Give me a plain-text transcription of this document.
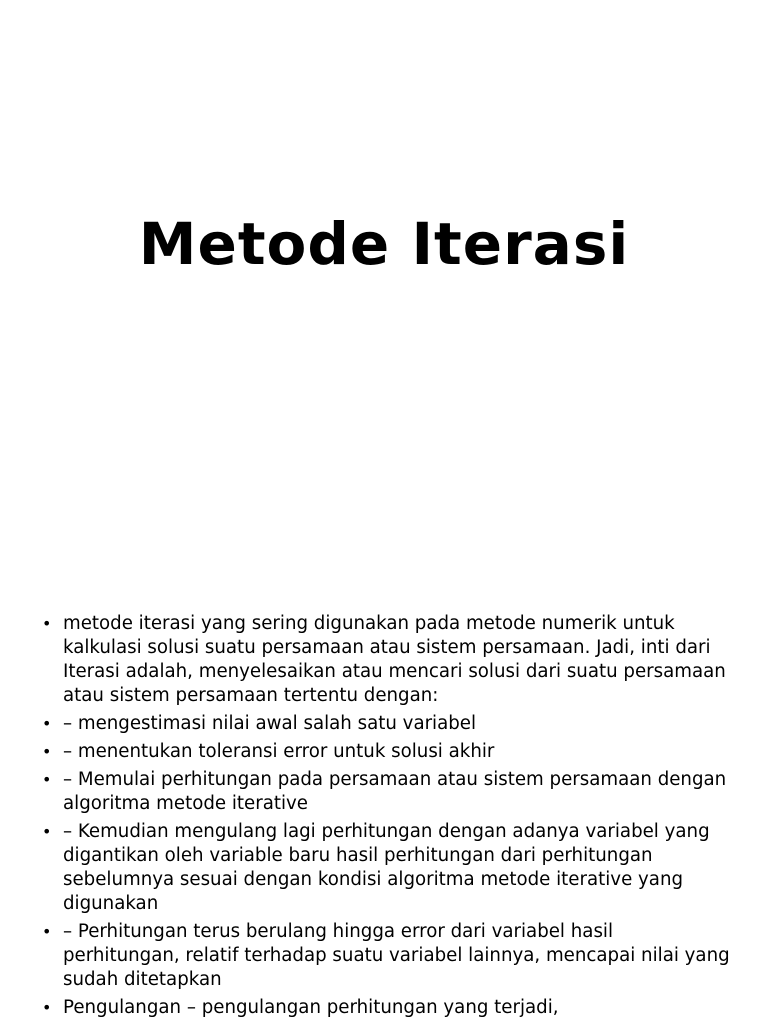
Metode Iterasi
• metode iterasi yang sering digunakan pada metode numerik untuk kalkulasi solusi suatu persamaan atau sistem persamaan. Jadi, inti dari Iterasi adalah, menyelesaikan atau mencari solusi dari suatu persamaan atau sistem persamaan tertentu dengan:
• – mengestimasi nilai awal salah satu variabel
• – menentukan toleransi error untuk solusi akhir
• – Memulai perhitungan pada persamaan atau sistem persamaan dengan algoritma metode iterative
• – Kemudian mengulang lagi perhitungan dengan adanya variabel yang digantikan oleh variable baru hasil perhitungan dari perhitungan sebelumnya sesuai dengan kondisi algoritma metode iterative yang digunakan
• – Perhitungan terus berulang hingga error dari variabel hasil perhitungan, relatif terhadap suatu variabel lainnya, mencapai nilai yang sudah ditetapkan
• Pengulangan – pengulangan perhitungan yang terjadi,
